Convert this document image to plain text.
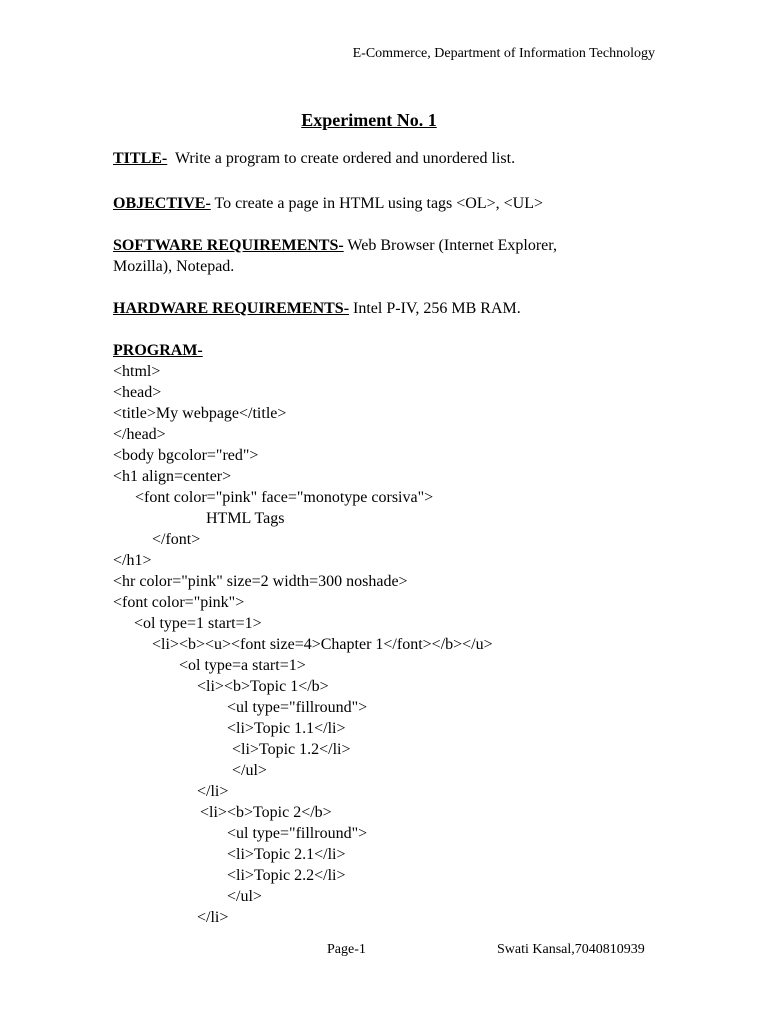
E-Commerce, Department of Information Technology
Experiment No. 1
TITLE- Write a program to create ordered and unordered list.
OBJECTIVE- To create a page in HTML using tags <OL>, <UL>
SOFTWARE REQUIREMENTS- Web Browser (Internet Explorer, Mozilla), Notepad.
HARDWARE REQUIREMENTS- Intel P-IV, 256 MB RAM.
PROGRAM-
<html>
<head>
<title>My webpage</title>
</head>
<body bgcolor="red">
<h1 align=center>
<font color="pink" face="monotype corsiva">
HTML Tags
</font>
</h1>
<hr color="pink" size=2 width=300 noshade>
<font color="pink">
<ol type=1 start=1>
<li><b><u><font size=4>Chapter 1</font></b></u>
<ol type=a start=1>
<li><b>Topic 1</b>
<ul type="fillround">
<li>Topic 1.1</li>
<li>Topic 1.2</li>
</ul>
</li>
<li><b>Topic 2</b>
<ul type="fillround">
<li>Topic 2.1</li>
<li>Topic 2.2</li>
</ul>
</li>
Page-1	Swati Kansal,7040810939
